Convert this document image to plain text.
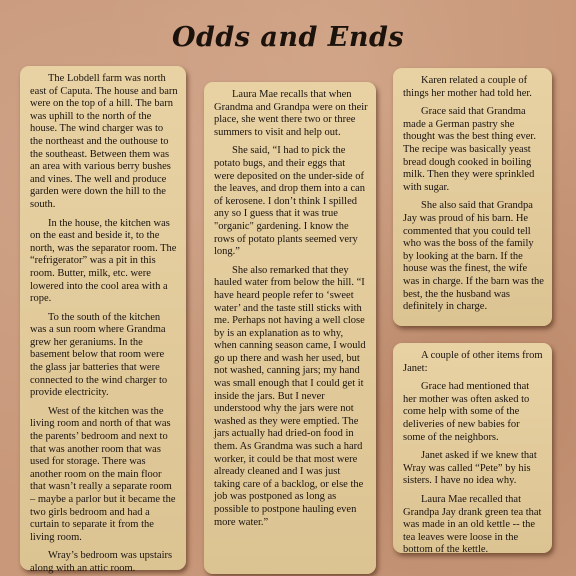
Odds and Ends

The Lobdell farm was north east of Caputa. The house and barn were on the top of a hill. The barn was uphill to the north of the house. The wind charger was to the northeast and the outhouse to the southeast. Between them was an area with various berry bushes and vines. The well and produce garden were down the hill to the south.

In the house, the kitchen was on the east and beside it, to the north, was the separator room. The “refrigerator” was a pit in this room. Butter, milk, etc. were lowered into the cool area with a rope.

To the south of the kitchen was a sun room where Grandma grew her geraniums. In the basement below that room were the glass jar batteries that were connected to the wind charger to provide electricity.

West of the kitchen was the living room and north of that was the parents’ bedroom and next to that was another room that was used for storage. There was another room on the main floor that wasn’t really a separate room – maybe a parlor but it became the two girls bedroom and had a curtain to separate it from the living room.

Wray’s bedroom was upstairs along with an attic room.

Laura Mae recalls that when Grandma and Grandpa were on their place, she went there two or three summers to visit and help out.

She said, “I had to pick the potato bugs, and their eggs that were deposited on the under-side of the leaves, and drop them into a can of kerosene. I don’t think I spilled any so I guess that it was true "organic" gardening. I know the rows of potato plants seemed very long.”

She also remarked that they hauled water from below the hill. “I have heard people refer to ‘sweet water’ and the taste still sticks with me. Perhaps not having a well close by is an explanation as to why, when canning season came, I would go up there and wash her used, but not washed, canning jars; my hand was small enough that I could get it inside the jars. But I never understood why the jars were not washed as they were emptied. The jars actually had dried-on food in them. As Grandma was such a hard worker, it could be that most were already cleaned and I was just taking care of a backlog, or else the job was postponed as long as possible to postpone hauling even more water.”

Karen related a couple of things her mother had told her.

Grace said that Grandma made a German pastry she thought was the best thing ever. The recipe was basically yeast bread dough cooked in boiling milk. Then they were sprinkled with sugar.

She also said that Grandpa Jay was proud of his barn. He commented that you could tell who was the boss of the family by looking at the barn. If the house was the finest, the wife was in charge. If the barn was the best, the the husband was definitely in charge.

A couple of other items from Janet:

Grace had mentioned that her mother was often asked to come help with some of the deliveries of new babies for some of the neighbors.

Janet asked if we knew that Wray was called “Pete” by his sisters. I have no idea why.

Laura Mae recalled that Grandpa Jay drank green tea that was made in an old kettle -- the tea leaves were loose in the bottom of the kettle.
